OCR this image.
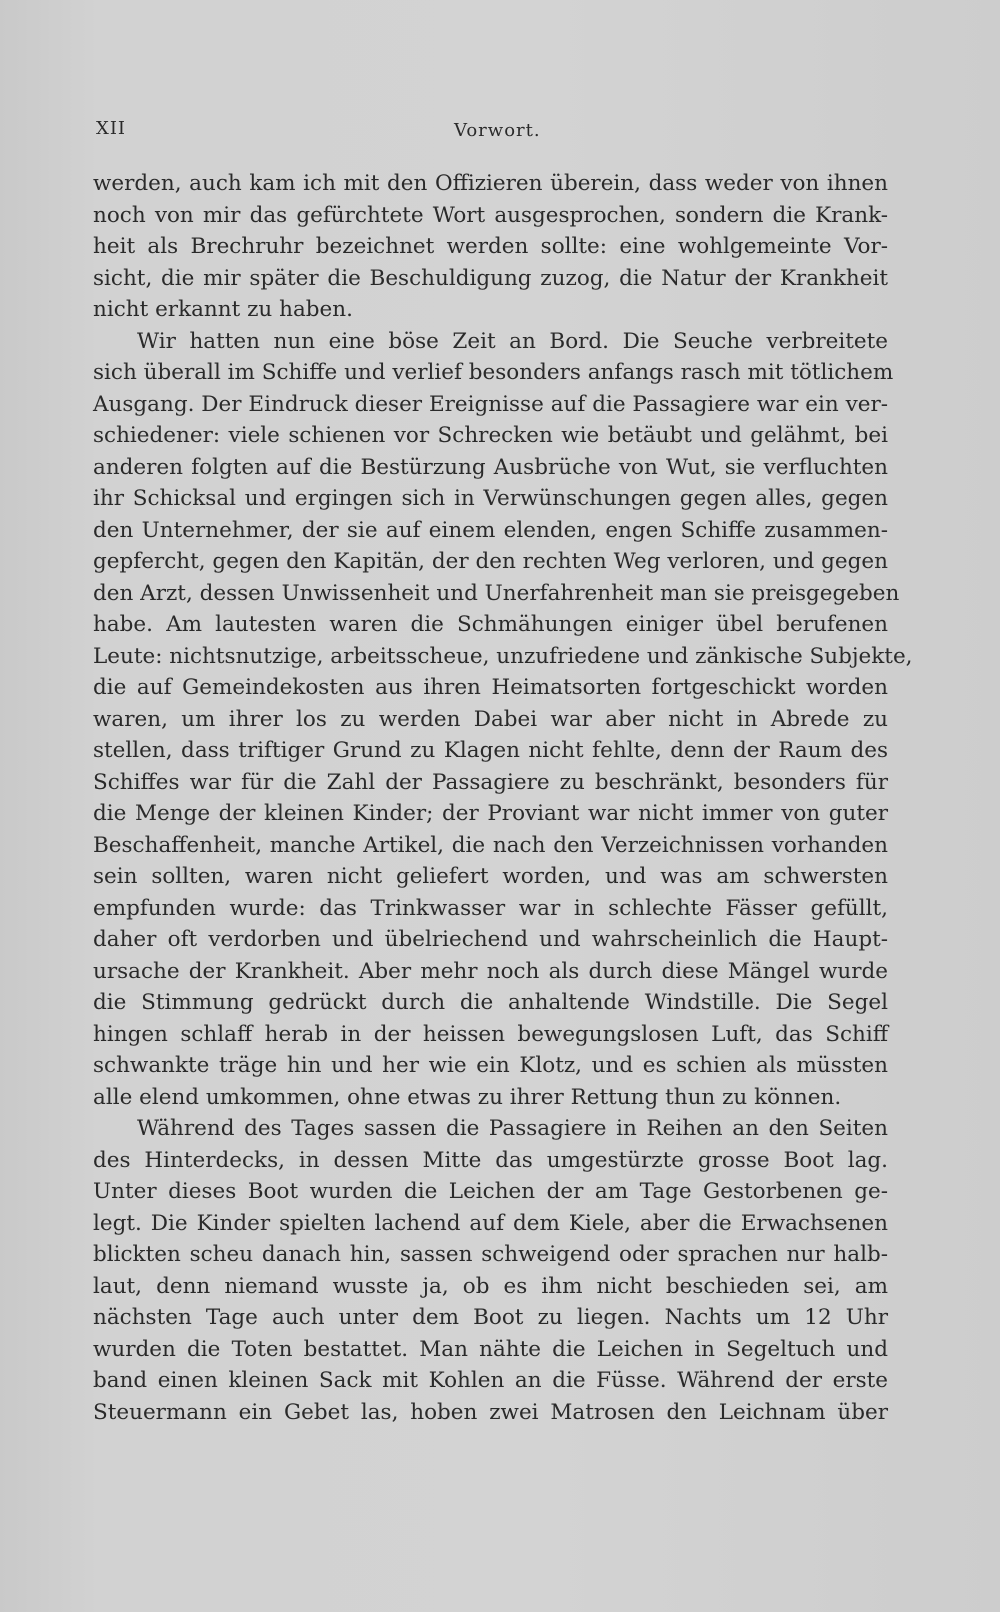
XII	Vorwort.
werden, auch kam ich mit den Offizieren überein, dass weder von ihnen
noch von mir das gefürchtete Wort ausgesprochen, sondern die Krank-
heit als Brechruhr bezeichnet werden sollte: eine wohlgemeinte Vor-
sicht, die mir später die Beschuldigung zuzog, die Natur der Krankheit
nicht erkannt zu haben.
Wir hatten nun eine böse Zeit an Bord. Die Seuche verbreitete
sich überall im Schiffe und verlief besonders anfangs rasch mit tötlichem
Ausgang. Der Eindruck dieser Ereignisse auf die Passagiere war ein ver-
schiedener: viele schienen vor Schrecken wie betäubt und gelähmt, bei
anderen folgten auf die Bestürzung Ausbrüche von Wut, sie verfluchten
ihr Schicksal und ergingen sich in Verwünschungen gegen alles, gegen
den Unternehmer, der sie auf einem elenden, engen Schiffe zusammen-
gepfercht, gegen den Kapitän, der den rechten Weg verloren, und gegen
den Arzt, dessen Unwissenheit und Unerfahrenheit man sie preisgegeben
habe. Am lautesten waren die Schmähungen einiger übel berufenen
Leute: nichtsnutzige, arbeitsscheue, unzufriedene und zänkische Subjekte,
die auf Gemeindekosten aus ihren Heimatsorten fortgeschickt worden
waren, um ihrer los zu werden Dabei war aber nicht in Abrede zu
stellen, dass triftiger Grund zu Klagen nicht fehlte, denn der Raum des
Schiffes war für die Zahl der Passagiere zu beschränkt, besonders für
die Menge der kleinen Kinder; der Proviant war nicht immer von guter
Beschaffenheit, manche Artikel, die nach den Verzeichnissen vorhanden
sein sollten, waren nicht geliefert worden, und was am schwersten
empfunden wurde: das Trinkwasser war in schlechte Fässer gefüllt,
daher oft verdorben und übelriechend und wahrscheinlich die Haupt-
ursache der Krankheit. Aber mehr noch als durch diese Mängel wurde
die Stimmung gedrückt durch die anhaltende Windstille. Die Segel
hingen schlaff herab in der heissen bewegungslosen Luft, das Schiff
schwankte träge hin und her wie ein Klotz, und es schien als müssten
alle elend umkommen, ohne etwas zu ihrer Rettung thun zu können.
Während des Tages sassen die Passagiere in Reihen an den Seiten
des Hinterdecks, in dessen Mitte das umgestürzte grosse Boot lag.
Unter dieses Boot wurden die Leichen der am Tage Gestorbenen ge-
legt. Die Kinder spielten lachend auf dem Kiele, aber die Erwachsenen
blickten scheu danach hin, sassen schweigend oder sprachen nur halb-
laut, denn niemand wusste ja, ob es ihm nicht beschieden sei, am
nächsten Tage auch unter dem Boot zu liegen. Nachts um 12 Uhr
wurden die Toten bestattet. Man nähte die Leichen in Segeltuch und
band einen kleinen Sack mit Kohlen an die Füsse. Während der erste
Steuermann ein Gebet las, hoben zwei Matrosen den Leichnam über
